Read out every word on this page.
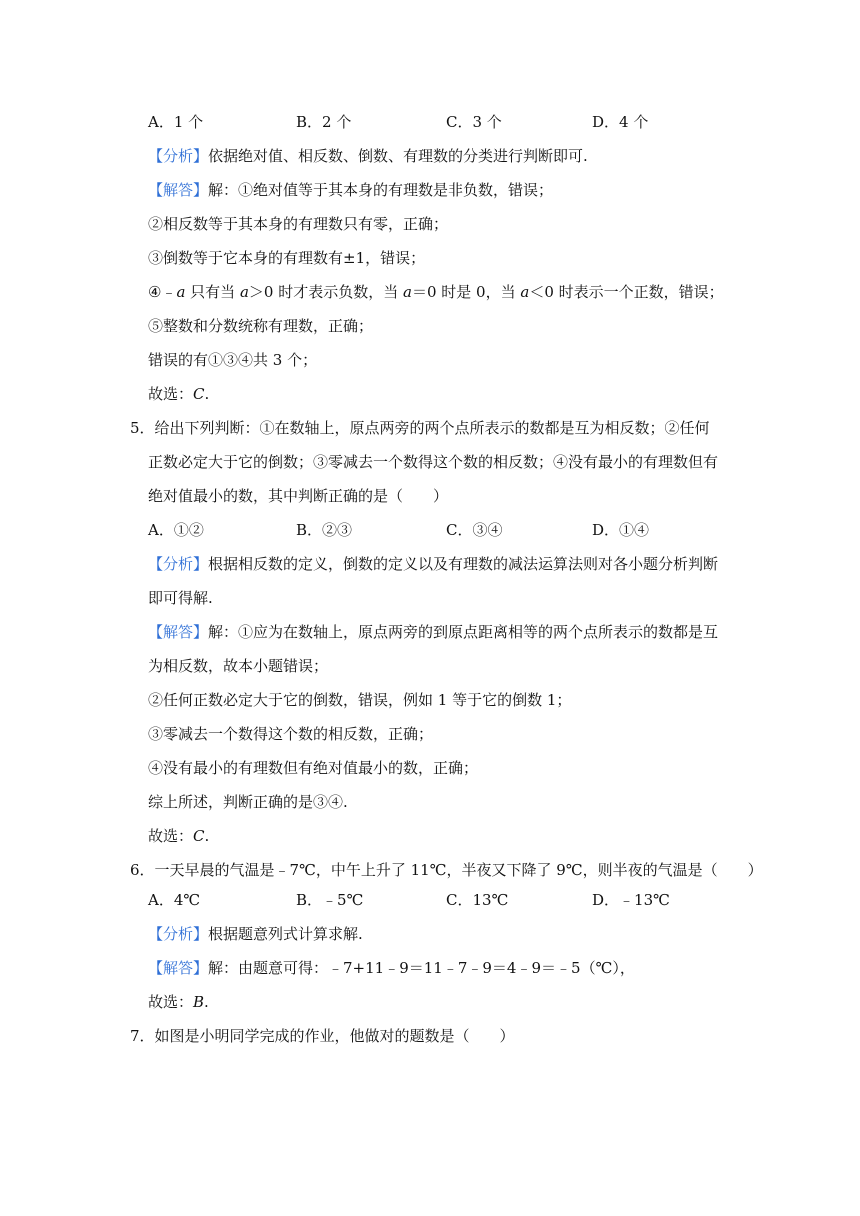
A．1 个	B．2 个	C．3 个	D．4 个
【分析】依据绝对值、相反数、倒数、有理数的分类进行判断即可.
【解答】解：①绝对值等于其本身的有理数是非负数，错误；
②相反数等于其本身的有理数只有零，正确；
③倒数等于它本身的有理数有±1，错误；
④﹣a 只有当 a＞0 时才表示负数，当 a＝0 时是 0，当 a＜0 时表示一个正数，错误；
⑤整数和分数统称有理数，正确；
错误的有①③④共 3 个；
故选：C.
5．给出下列判断：①在数轴上，原点两旁的两个点所表示的数都是互为相反数；②任何
正数必定大于它的倒数；③零减去一个数得这个数的相反数；④没有最小的有理数但有
绝对值最小的数，其中判断正确的是（　　）
A．①②	B．②③	C．③④	D．①④
【分析】根据相反数的定义，倒数的定义以及有理数的减法运算法则对各小题分析判断
即可得解.
【解答】解：①应为在数轴上，原点两旁的到原点距离相等的两个点所表示的数都是互
为相反数，故本小题错误；
②任何正数必定大于它的倒数，错误，例如 1 等于它的倒数 1；
③零减去一个数得这个数的相反数，正确；
④没有最小的有理数但有绝对值最小的数，正确；
综上所述，判断正确的是③④.
故选：C.
6．一天早晨的气温是﹣7℃，中午上升了 11℃，半夜又下降了 9℃，则半夜的气温是（　　）
A．4℃	B．﹣5℃	C．13℃	D．﹣13℃
【分析】根据题意列式计算求解.
【解答】解：由题意可得：﹣7+11﹣9＝11﹣7﹣9＝4﹣9＝﹣5（℃），
故选：B.
7．如图是小明同学完成的作业，他做对的题数是（　　）
